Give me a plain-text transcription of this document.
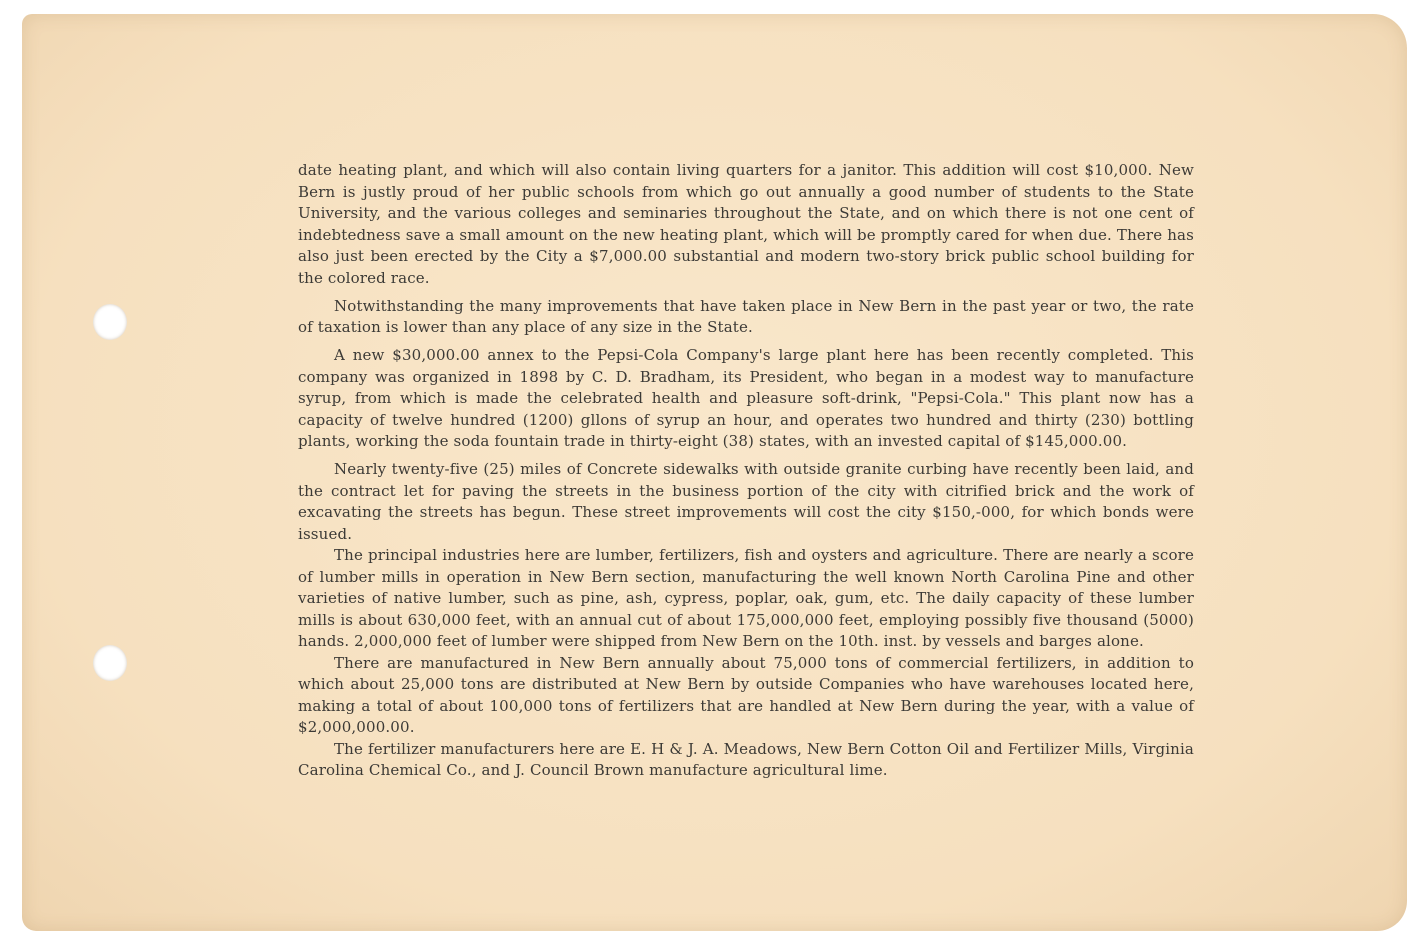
date heating plant, and which will also contain living quarters for a janitor. This addition will cost $10,000. New Bern is justly proud of her public schools from which go out annually a good number of students to the State University, and the various colleges and seminaries throughout the State, and on which there is not one cent of indebtedness save a small amount on the new heating plant, which will be promptly cared for when due. There has also just been erected by the City a $7,000.00 substantial and modern two-story brick public school building for the colored race.

Notwithstanding the many improvements that have taken place in New Bern in the past year or two, the rate of taxation is lower than any place of any size in the State.

A new $30,000.00 annex to the Pepsi-Cola Company's large plant here has been recently completed. This company was organized in 1898 by C. D. Bradham, its President, who began in a modest way to manufacture syrup, from which is made the celebrated health and pleasure soft-drink, "Pepsi-Cola." This plant now has a capacity of twelve hundred (1200) gllons of syrup an hour, and operates two hundred and thirty (230) bottling plants, working the soda fountain trade in thirty-eight (38) states, with an invested capital of $145,000.00.

Nearly twenty-five (25) miles of Concrete sidewalks with outside granite curbing have recently been laid, and the contract let for paving the streets in the business portion of the city with citrified brick and the work of excavating the streets has begun. These street improvements will cost the city $150,-000, for which bonds were issued.

The principal industries here are lumber, fertilizers, fish and oysters and agriculture. There are nearly a score of lumber mills in operation in New Bern section, manufacturing the well known North Carolina Pine and other varieties of native lumber, such as pine, ash, cypress, poplar, oak, gum, etc. The daily capacity of these lumber mills is about 630,000 feet, with an annual cut of about 175,000,000 feet, employing possibly five thousand (5000) hands. 2,000,000 feet of lumber were shipped from New Bern on the 10th. inst. by vessels and barges alone.

There are manufactured in New Bern annually about 75,000 tons of commercial fertilizers, in addition to which about 25,000 tons are distributed at New Bern by outside Companies who have warehouses located here, making a total of about 100,000 tons of fertilizers that are handled at New Bern during the year, with a value of $2,000,000.00.

The fertilizer manufacturers here are E. H & J. A. Meadows, New Bern Cotton Oil and Fertilizer Mills, Virginia Carolina Chemical Co., and J. Council Brown manufacture agricultural lime.
